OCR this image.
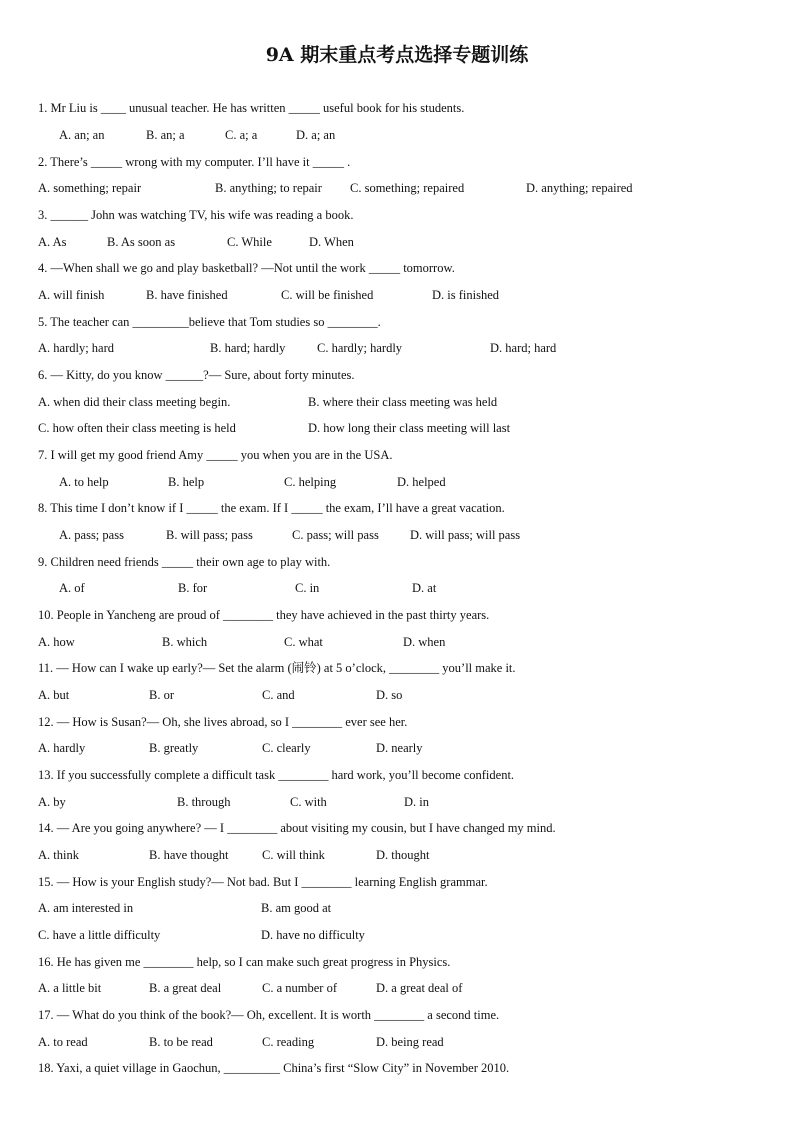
9A 期末重点考点选择专题训练
1. Mr Liu is ____ unusual teacher. He has written _____ useful book for his students.
A. an; an	B. an; a	C. a; a	D. a; an
2. There’s _____ wrong with my computer. I’ll have it _____ .
A. something; repair	B. anything; to repair C. something; repaired	D. anything; repaired
3. ______ John was watching TV, his wife was reading a book.
A. As	B. As soon as	C. While	D. When
4. —When shall we go and play basketball? —Not until the work _____ tomorrow.
A. will finish	B. have finished	C. will be finished	D. is finished
5. The teacher can _________believe that Tom studies so ________.
A. hardly; hard	B. hard; hardly	C. hardly; hardly	D. hard; hard
6. — Kitty, do you know ______?— Sure, about forty minutes.
A. when did their class meeting begin.	B. where their class meeting was held
C. how often their class meeting is held	D. how long their class meeting will last
7. I will get my good friend Amy _____ you when you are in the USA.
A. to help	B. help	C. helping	D. helped
8. This time I don’t know if I _____ the exam. If I _____ the exam, I’ll have a great vacation.
A. pass; pass	B. will pass; pass	C. pass; will pass D. will pass; will pass
9. Children need friends _____ their own age to play with.
A. of	B. for	C. in	D. at
10. People in Yancheng are proud of ________ they have achieved in the past thirty years.
A. how	B. which	C. what	D. when
11. — How can I wake up early?— Set the alarm (闹铃) at 5 o’clock, ________ you’ll make it.
A. but	B. or	C. and	D. so
12. — How is Susan?— Oh, she lives abroad, so I ________ ever see her.
A. hardly	B. greatly	C. clearly	D. nearly
13. If you successfully complete a difficult task ________ hard work, you’ll become confident.
A. by	B. through	C. with	D. in
14. — Are you going anywhere? — I ________ about visiting my cousin, but I have changed my mind.
A. think	B. have thought	C. will think	D. thought
15. — How is your English study?— Not bad. But I ________ learning English grammar.
A. am interested in	B. am good at
C. have a little difficulty	D. have no difficulty
16. He has given me ________ help, so I can make such great progress in Physics.
A. a little bit	B. a great deal	C. a number of	D. a great deal of
17. — What do you think of the book?— Oh, excellent. It is worth ________ a second time.
A. to read	B. to be read	C. reading	D. being read
18. Yaxi, a quiet village in Gaochun, _________ China’s first “Slow City” in November 2010.
